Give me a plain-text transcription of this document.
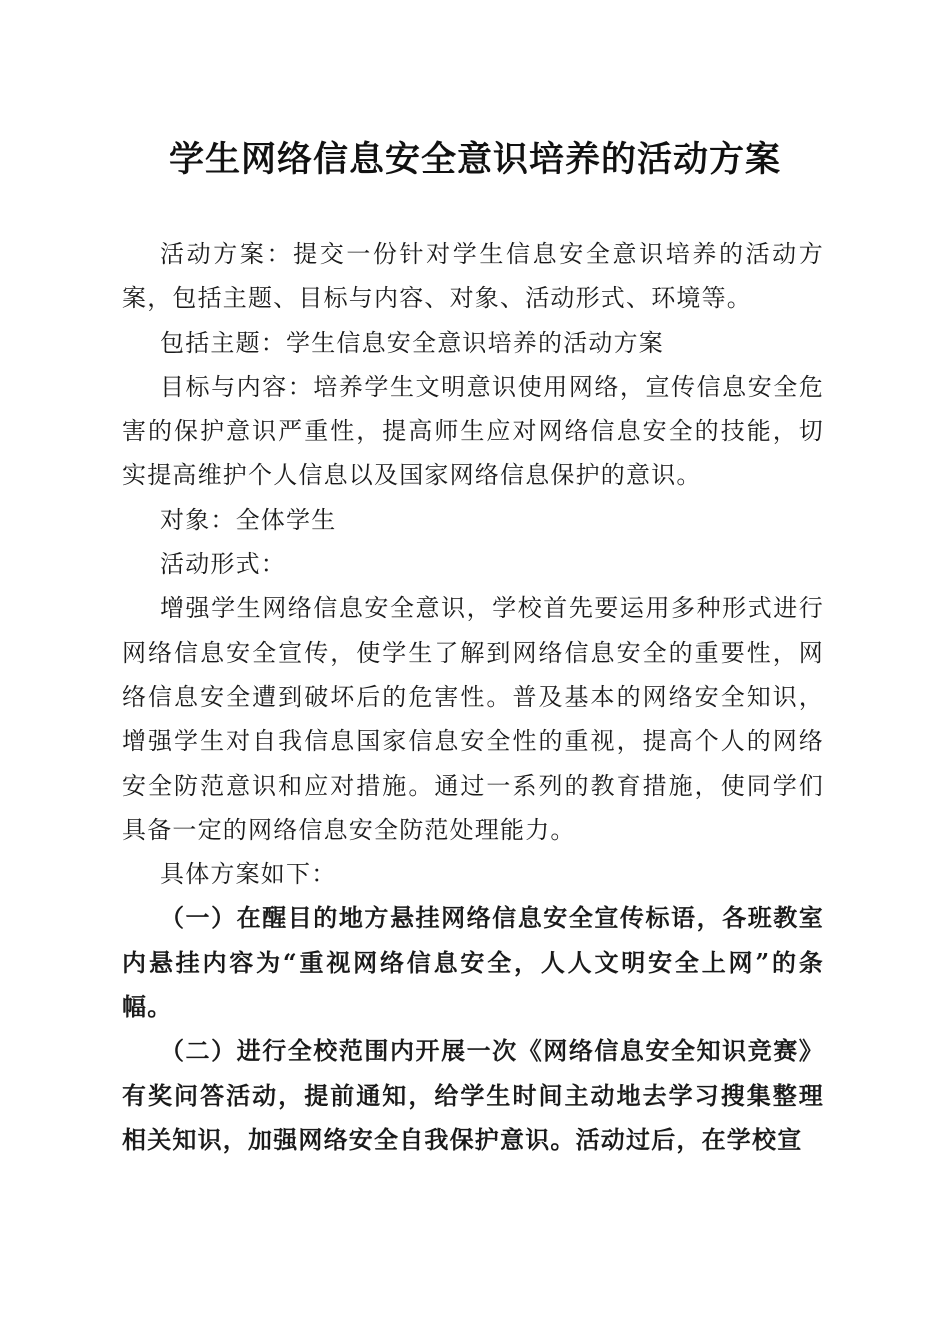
学生网络信息安全意识培养的活动方案

活动方案：提交一份针对学生信息安全意识培养的活动方案，包括主题、目标与内容、对象、活动形式、环境等。

包括主题：学生信息安全意识培养的活动方案

目标与内容：培养学生文明意识使用网络，宣传信息安全危害的保护意识严重性，提高师生应对网络信息安全的技能，切实提高维护个人信息以及国家网络信息保护的意识。

对象：全体学生

活动形式：

增强学生网络信息安全意识，学校首先要运用多种形式进行网络信息安全宣传，使学生了解到网络信息安全的重要性，网络信息安全遭到破坏后的危害性。普及基本的网络安全知识，增强学生对自我信息国家信息安全性的重视，提高个人的网络安全防范意识和应对措施。通过一系列的教育措施，使同学们具备一定的网络信息安全防范处理能力。

具体方案如下：

（一）在醒目的地方悬挂网络信息安全宣传标语，各班教室内悬挂内容为“重视网络信息安全，人人文明安全上网”的条幅。

（二）进行全校范围内开展一次《网络信息安全知识竞赛》有奖问答活动，提前通知，给学生时间主动地去学习搜集整理相关知识，加强网络安全自我保护意识。活动过后，在学校宣
